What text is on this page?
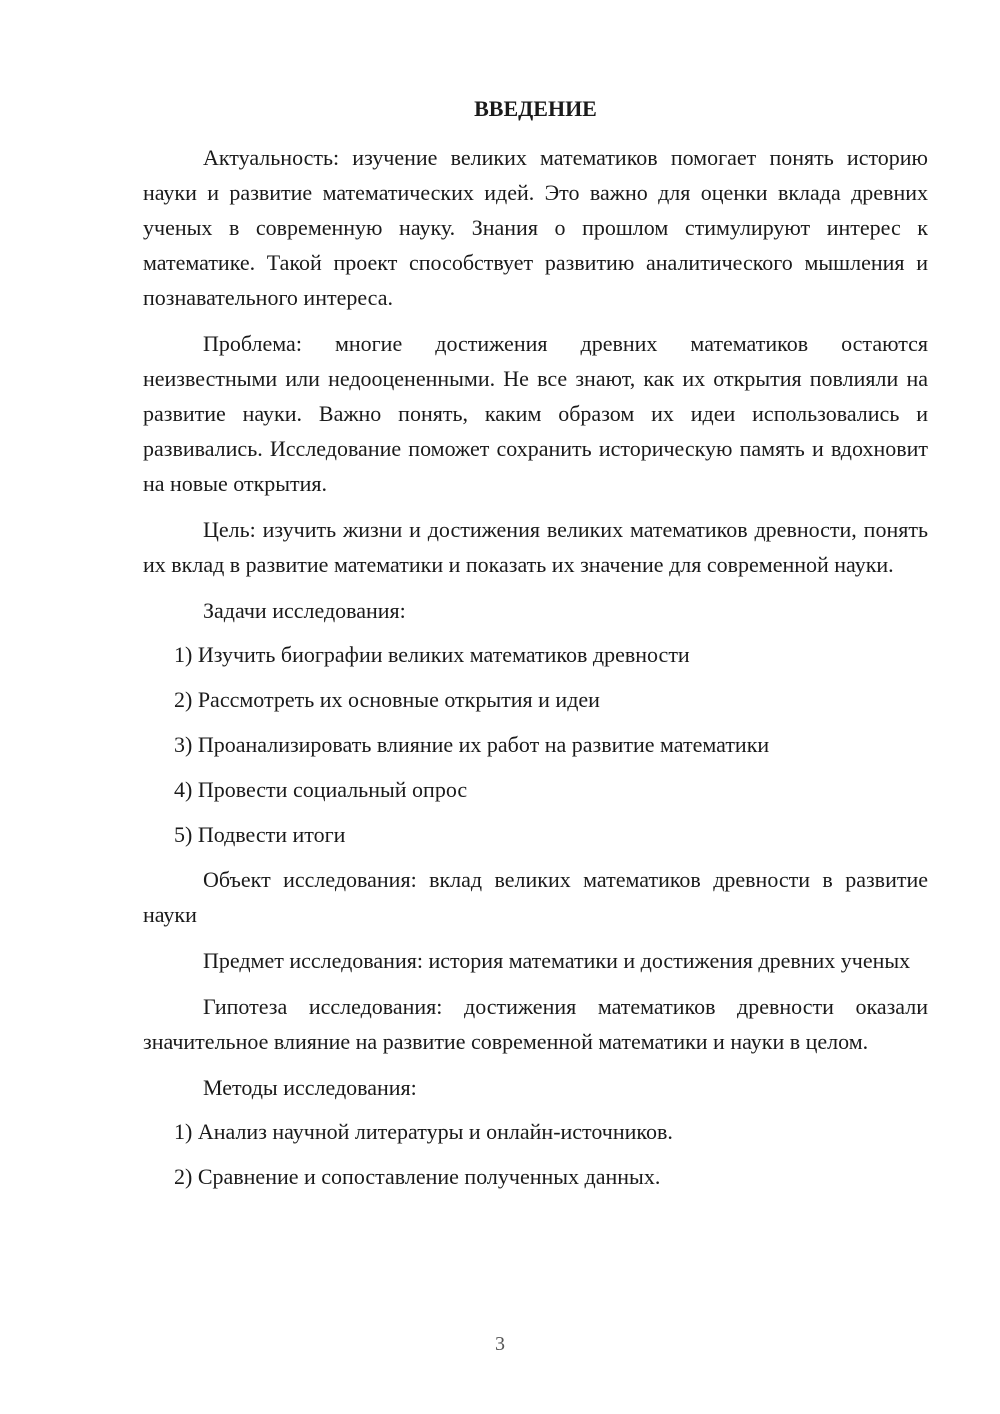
ВВЕДЕНИЕ

Актуальность: изучение великих математиков помогает понять историю науки и развитие математических идей. Это важно для оценки вклада древних ученых в современную науку. Знания о прошлом стимулируют интерес к математике. Такой проект способствует развитию аналитического мышления и познавательного интереса.

Проблема: многие достижения древних математиков остаются неизвестными или недооцененными. Не все знают, как их открытия повлияли на развитие науки. Важно понять, каким образом их идеи использовались и развивались. Исследование поможет сохранить историческую память и вдохновит на новые открытия.

Цель: изучить жизни и достижения великих математиков древности, понять их вклад в развитие математики и показать их значение для современной науки.

Задачи исследования:

1) Изучить биографии великих математиков древности
2) Рассмотреть их основные открытия и идеи
3) Проанализировать влияние их работ на развитие математики
4) Провести социальный опрос
5) Подвести итоги

Объект исследования: вклад великих математиков древности в развитие науки

Предмет исследования: история математики и достижения древних ученых

Гипотеза исследования: достижения математиков древности оказали значительное влияние на развитие современной математики и науки в целом.

Методы исследования:

1) Анализ научной литературы и онлайн-источников.
2) Сравнение и сопоставление полученных данных.
3
